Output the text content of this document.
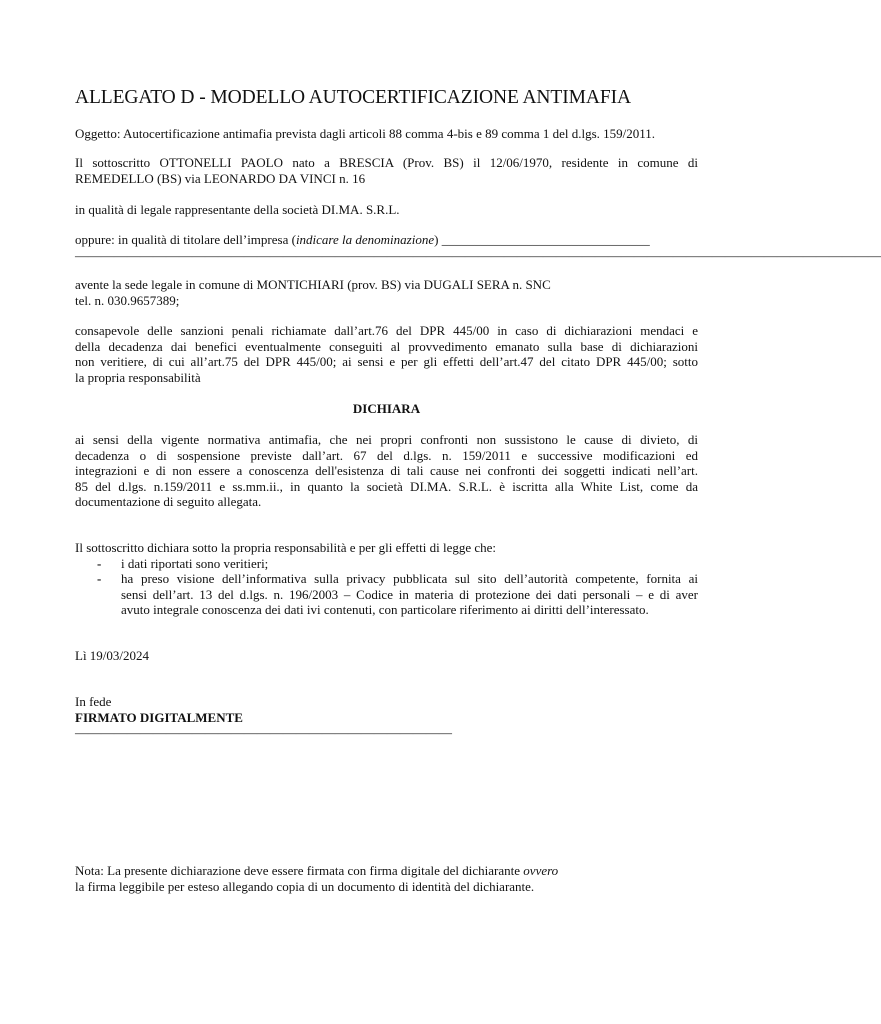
ALLEGATO D - MODELLO AUTOCERTIFICAZIONE ANTIMAFIA
Oggetto: Autocertificazione antimafia prevista dagli articoli 88 comma 4-bis e 89 comma 1 del d.lgs. 159/2011.
Il sottoscritto OTTONELLI PAOLO nato a BRESCIA (Prov. BS) il 12/06/1970, residente in comune di
REMEDELLO (BS) via LEONARDO DA VINCI n. 16
in qualità di legale rappresentante della società DI.MA. S.R.L.
oppure: in qualità di titolare dell’impresa (indicare la denominazione) ________________________________
——————————————————————————————————————————————————————————————
avente la sede legale in comune di MONTICHIARI (prov. BS) via DUGALI SERA n. SNC
tel. n. 030.9657389;
consapevole delle sanzioni penali richiamate dall’art.76 del DPR 445/00 in caso di dichiarazioni mendaci e
della decadenza dai benefici eventualmente conseguiti al provvedimento emanato sulla base di dichiarazioni
non veritiere, di cui all’art.75 del DPR 445/00; ai sensi e per gli effetti dell’art.47 del citato DPR 445/00; sotto
la propria responsabilità
DICHIARA
ai sensi della vigente normativa antimafia, che nei propri confronti non sussistono le cause di divieto, di
decadenza o di sospensione previste dall’art. 67 del d.lgs. n. 159/2011 e successive modificazioni ed
integrazioni e di non essere a conoscenza dell'esistenza di tali cause nei confronti dei soggetti indicati nell’art.
85 del d.lgs. n.159/2011 e ss.mm.ii., in quanto la società DI.MA. S.R.L. è iscritta alla White List, come da
documentazione di seguito allegata.
Il sottoscritto dichiara sotto la propria responsabilità e per gli effetti di legge che:
- i dati riportati sono veritieri;
- ha preso visione dell’informativa sulla privacy pubblicata sul sito dell’autorità competente, fornita ai
sensi dell’art. 13 del d.lgs. n. 196/2003 – Codice in materia di protezione dei dati personali – e di aver
avuto integrale conoscenza dei dati ivi contenuti, con particolare riferimento ai diritti dell’interessato.
Lì 19/03/2024
In fede
FIRMATO DIGITALMENTE
—————————————————————————————
Nota: La presente dichiarazione deve essere firmata con firma digitale del dichiarante ovvero
la firma leggibile per esteso allegando copia di un documento di identità del dichiarante.
